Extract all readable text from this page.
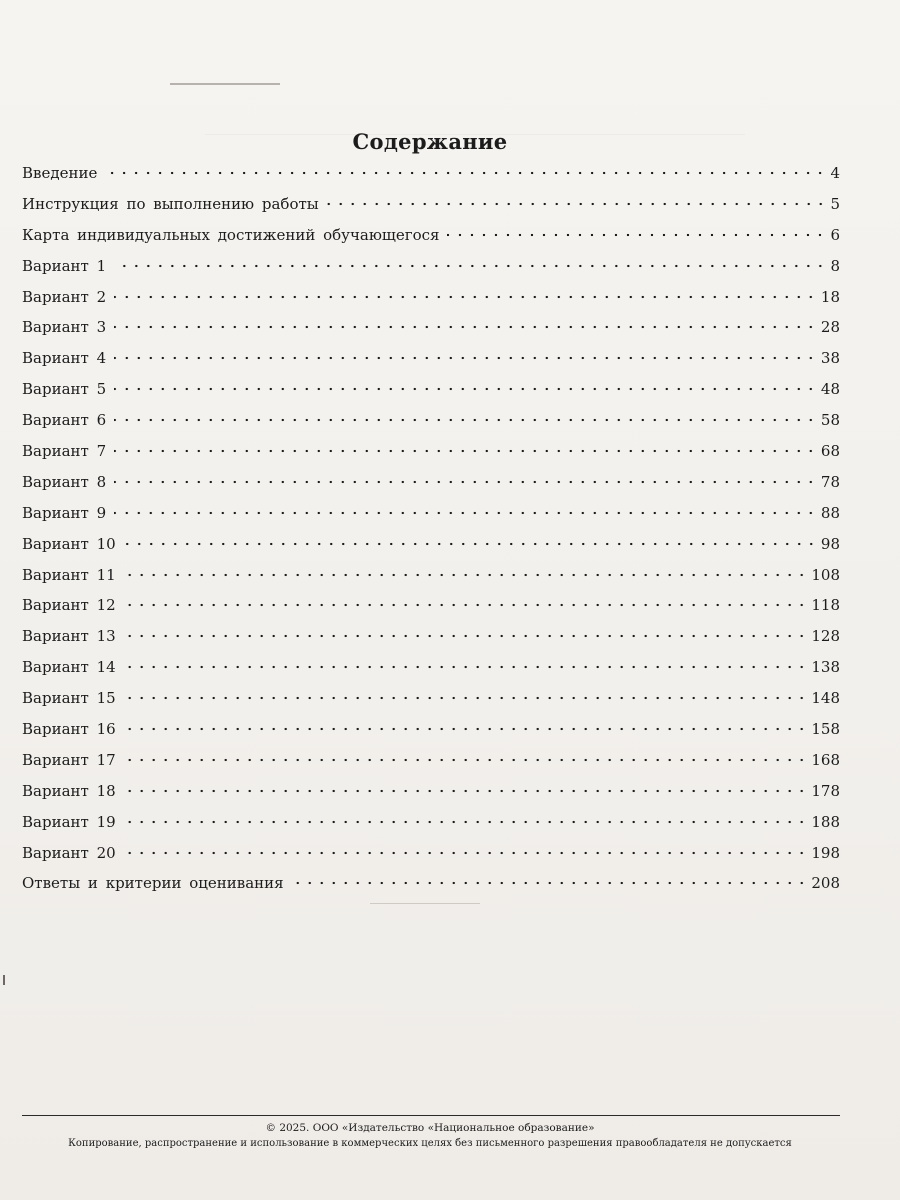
Содержание
Введение	4
Инструкция по выполнению работы	5
Карта индивидуальных достижений обучающегося	6
Вариант 1	8
Вариант 2	18
Вариант 3	28
Вариант 4	38
Вариант 5	48
Вариант 6	58
Вариант 7	68
Вариант 8	78
Вариант 9	88
Вариант 10	98
Вариант 11	108
Вариант 12	118
Вариант 13	128
Вариант 14	138
Вариант 15	148
Вариант 16	158
Вариант 17	168
Вариант 18	178
Вариант 19	188
Вариант 20	198
Ответы и критерии оценивания	208
© 2025. ООО «Издательство «Национальное образование»
Копирование, распространение и использование в коммерческих целях без письменного разрешения правообладателя не допускается
